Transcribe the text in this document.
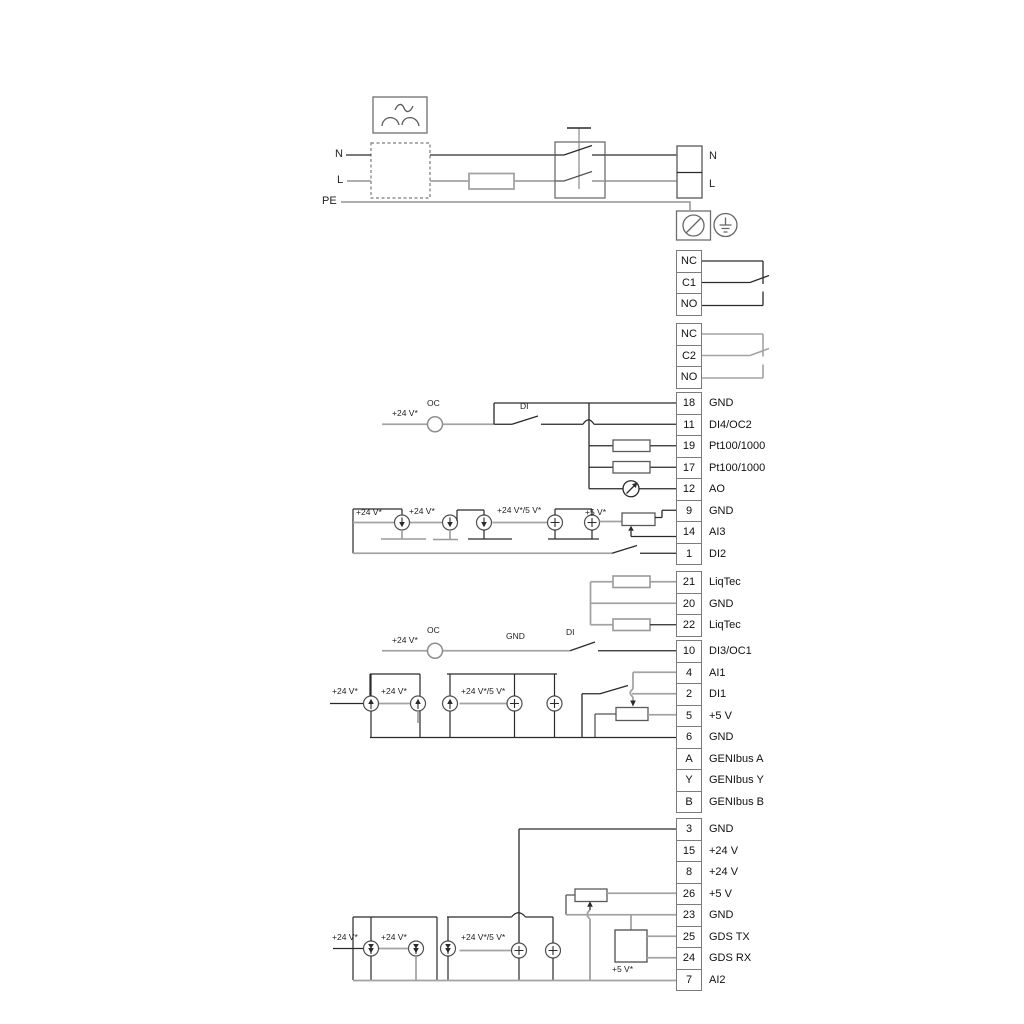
N
L
PE
N
L
+24 V*
OC	DI
+24 V*	+24 V*	+24 V*/5 V*	+5 V*
+24 V*
OC
GND	DI
+24 V*	+24 V*	+24 V*/5 V*
+24 V*	+24 V*	+24 V*/5 V*
+5 V*
NC
C1
NO
NC
C2
NO
18	GND
11	DI4/OC2
19	Pt100/1000
17	Pt100/1000
12	AO
9	GND
14	AI3
1	DI2
21	LiqTec
20	GND
22	LiqTec
10	DI3/OC1
4	AI1
2	DI1
5	+5 V
6	GND
A	GENIbus A
Y	GENIbus Y
B	GENIbus B
3	GND
15	+24 V
8	+24 V
26	+5 V
23	GND
25	GDS TX
24	GDS RX
7	AI2
